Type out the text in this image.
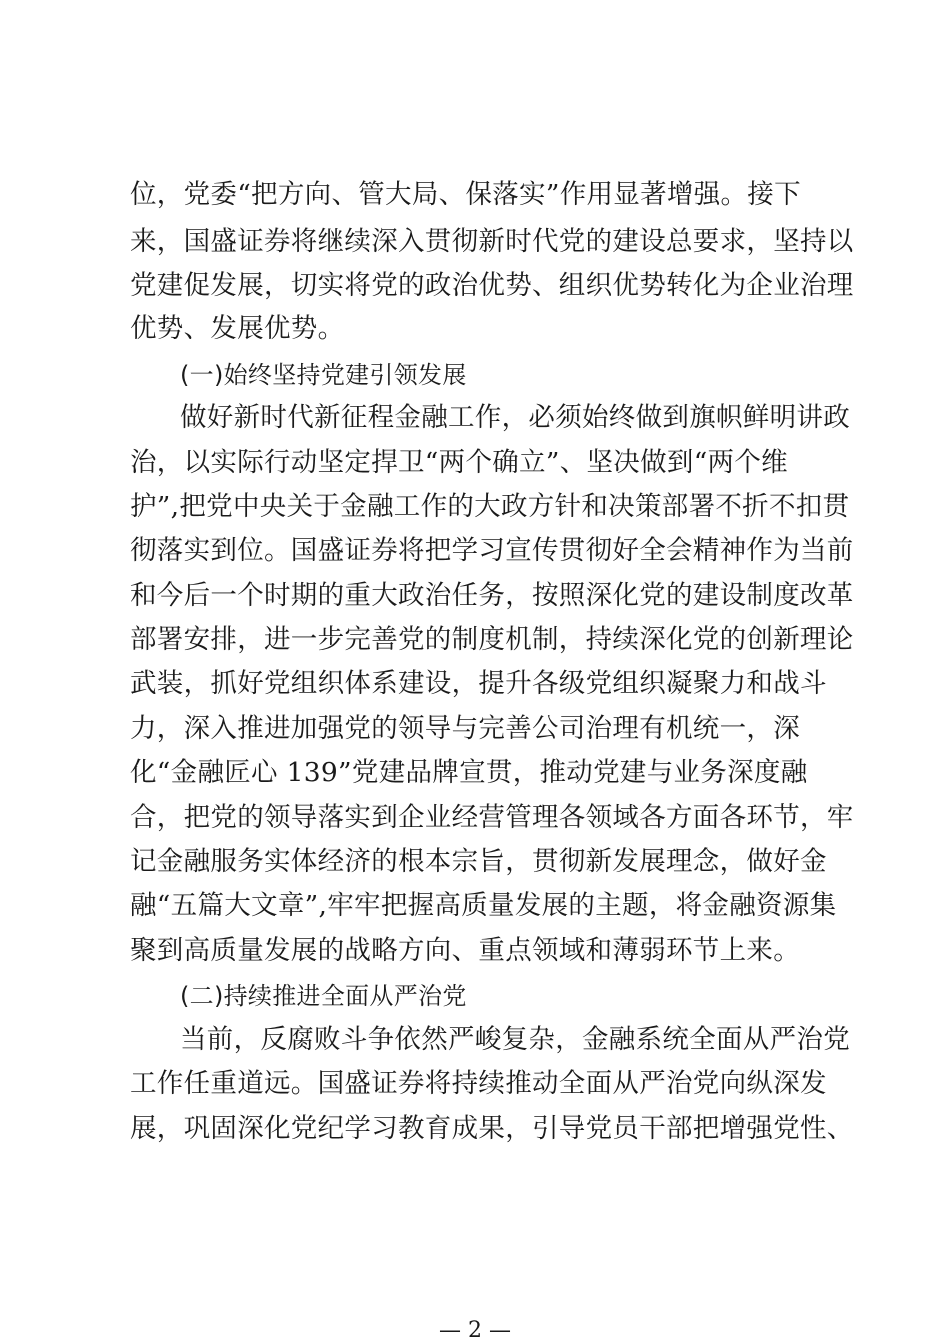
位，党委“把方向、管大局、保落实”作用显著增强。接下
来，国盛证券将继续深入贯彻新时代党的建设总要求，坚持以
党建促发展，切实将党的政治优势、组织优势转化为企业治理
优势、发展优势。
(一)始终坚持党建引领发展
做好新时代新征程金融工作，必须始终做到旗帜鲜明讲政
治，以实际行动坚定捍卫“两个确立”、坚决做到“两个维
护”,把党中央关于金融工作的大政方针和决策部署不折不扣贯
彻落实到位。国盛证券将把学习宣传贯彻好全会精神作为当前
和今后一个时期的重大政治任务，按照深化党的建设制度改革
部署安排，进一步完善党的制度机制，持续深化党的创新理论
武装，抓好党组织体系建设，提升各级党组织凝聚力和战斗
力，深入推进加强党的领导与完善公司治理有机统一，深
化“金融匠心 139”党建品牌宣贯，推动党建与业务深度融
合，把党的领导落实到企业经营管理各领域各方面各环节，牢
记金融服务实体经济的根本宗旨，贯彻新发展理念，做好金
融“五篇大文章”,牢牢把握高质量发展的主题，将金融资源集
聚到高质量发展的战略方向、重点领域和薄弱环节上来。
(二)持续推进全面从严治党
当前，反腐败斗争依然严峻复杂，金融系统全面从严治党
工作任重道远。国盛证券将持续推动全面从严治党向纵深发
展，巩固深化党纪学习教育成果，引导党员干部把增强党性、
— 2 —
